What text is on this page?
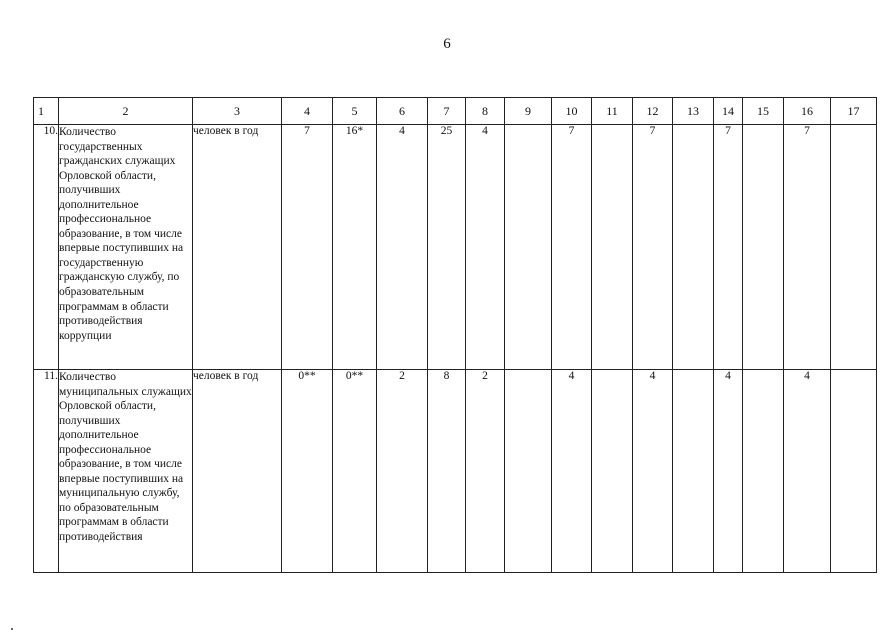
6
1	2	3	4	5	6	7	8	9	10	11	12	13	14	15	16	17
10.	Количество государственных гражданских служащих Орловской области, получивших дополнительное профессиональное образование, в том числе впервые поступивших на государственную гражданскую службу, по образовательным программам в области противодействия коррупции	человек в год	7	16*	4	25	4		7		7		7		7	
11.	Количество муниципальных служащих Орловской области, получивших дополнительное профессиональное образование, в том числе впервые поступивших на муниципальную службу, по образовательным программам в области противодействия	человек в год	0**	0**	2	8	2		4		4		4		4	
